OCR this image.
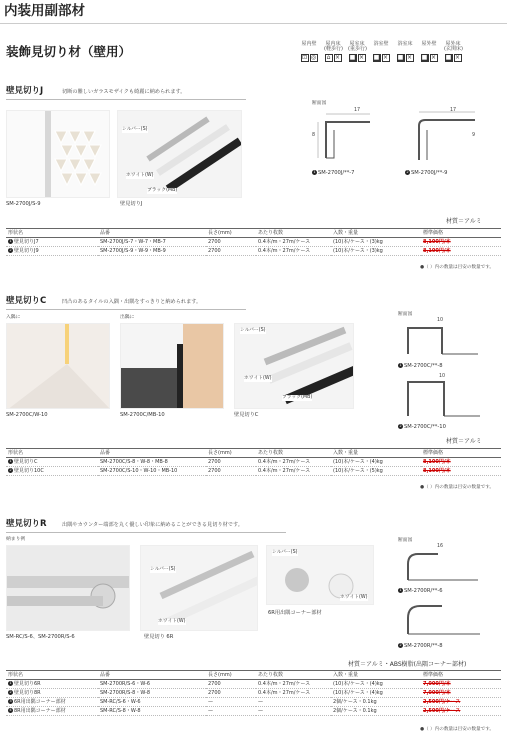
内装用副部材
装飾見切り材（壁用）	屋内壁
⊡ ◎
屋内床
(軽歩行)
⌂ ×
屋室床
(重歩行)
■ ×
浴室壁
■ ×
浴室床
■ ×
屋外壁
■ ×
屋外床
(玄関床)
■ ×
壁見切りJ	切断の難しいガラスモザイクも綺麗に納められます。
SM-2700J/S-9
シルバー(S)
ホワイト(W)
ブラック(MB)
壁見切りJ
断面図
17
8
1 SM-2700J/**-7
17
9
2 SM-2700J/**-9
材質＝アルミ
形状名	品番	長さ(mm)	あたり枚数	入数・重量	標準価格
1 壁見切りJ7	SM-2700J/S-7・W-7・MB-7	2700	0.4本/m・27m/ケース	(10)本/ケース・(3)kg	8,100円/本
2 壁見切りJ9	SM-2700J/S-9・W-9・MB-9	2700	0.4本/m・27m/ケース	(10)本/ケース・(3)kg	8,100円/本
●（ ）内の数量は目安の数量です。
壁見切りC	凹凸のあるタイルの入隅・出隅をすっきりと納められます。
入隅に
SM-2700C/W-10
出隅に
SM-2700C/MB-10
シルバー(S)
ホワイト(W)
ブラック(MB)
壁見切りC
断面図
10
1 SM-2700C/**-8
10
2 SM-2700C/**-10
材質＝アルミ
形状名	品番	長さ(mm)	あたり枚数	入数・重量	標準価格
1 壁見切りC	SM-2700C/S-8・W-8・MB-8	2700	0.4本/m・27m/ケース	(10)本/ケース・(4)kg	8,100円/本
2 壁見切り10C	SM-2700C/S-10・W-10・MB-10	2700	0.4本/m・27m/ケース	(10)本/ケース・(5)kg	8,100円/本
●（ ）内の数量は目安の数量です。
壁見切りR	出隅やカウンター端部を丸く優しい印象に納めることができる見切り材です。
納まり例
SM-RC/S-6、SM-2700R/S-6
シルバー(S)
ホワイト(W)
壁見切り 6R
シルバー(S)
ホワイト(W)
6R用出隅コーナー部材
断面図
16
1 SM-2700R/**-6
2 SM-2700R/**-8
材質＝アルミ・ABS樹脂(出隅コーナー部材)
形状名	品番	長さ(mm)	あたり枚数	入数・重量	標準価格
1 壁見切り6R	SM-2700R/S-6・W-6	2700	0.4本/m・27m/ケース	(10)本/ケース・(4)kg	7,000円/本
2 壁見切り8R	SM-2700R/S-8・W-8	2700	0.4本/m・27m/ケース	(10)本/ケース・(4)kg	7,000円/本
3 6R用出隅コーナー部材	SM-RC/S-6・W-6	—	—	2個/ケース・0.1kg	2,500円/ケース
4 8R用出隅コーナー部材	SM-RC/S-8・W-8	—	—	2個/ケース・0.1kg	2,500円/ケース
●（ ）内の数量は目安の数量です。
